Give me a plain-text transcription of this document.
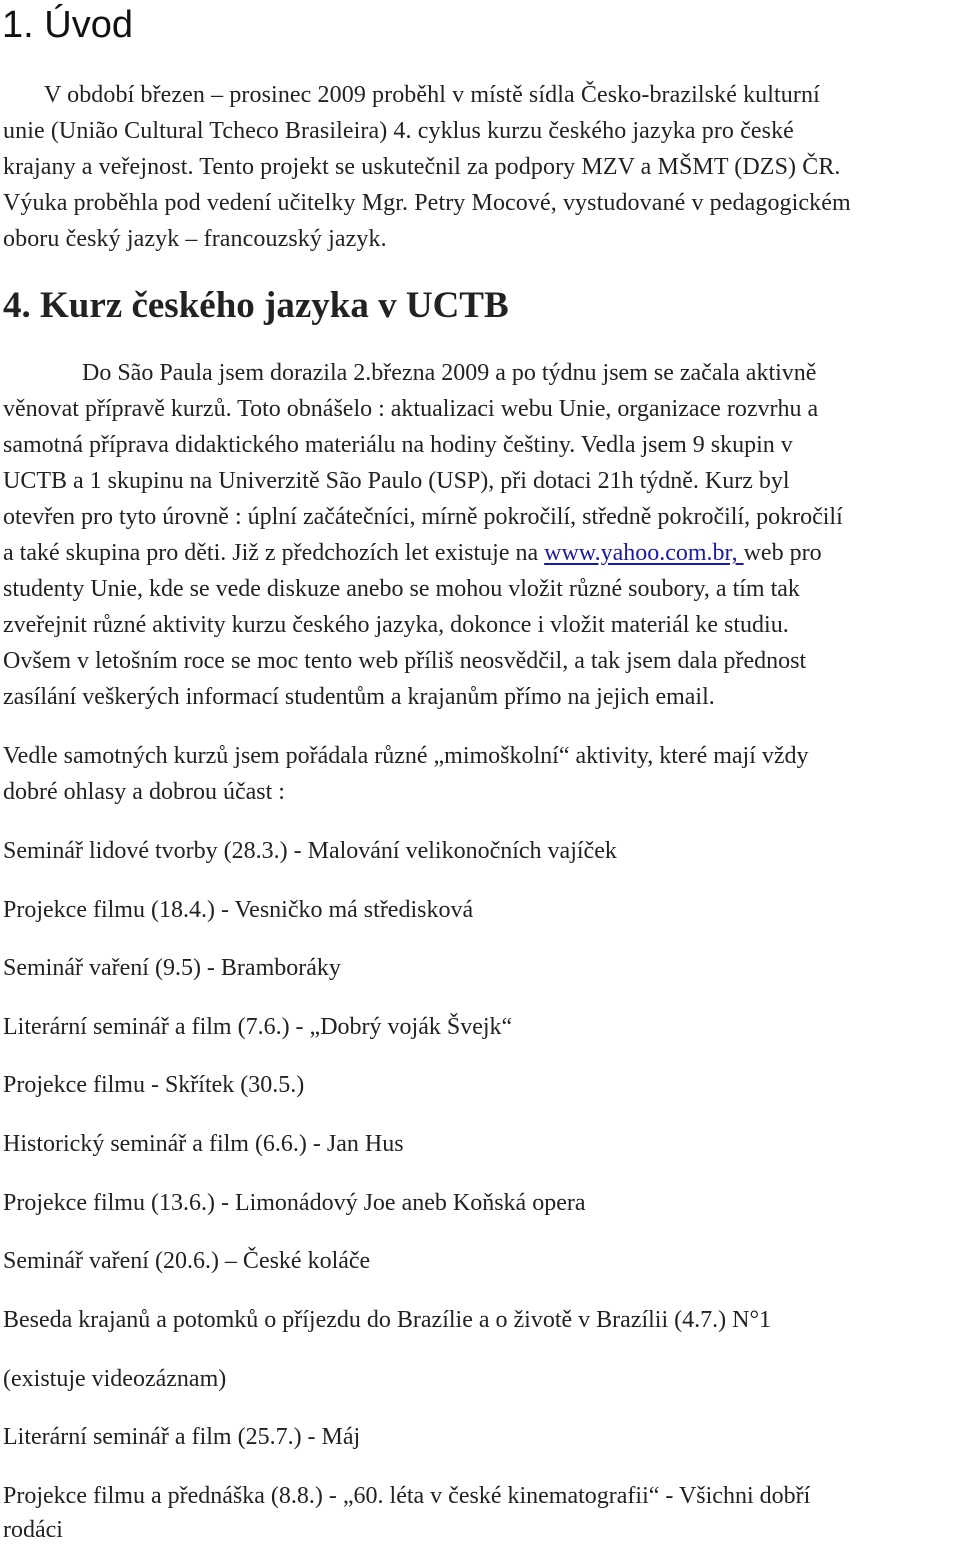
1. Úvod
V období březen – prosinec 2009 proběhl v místě sídla Česko-brazilské kulturní
unie (União Cultural Tcheco Brasileira) 4. cyklus kurzu českého jazyka pro české
krajany a veřejnost. Tento projekt se uskutečnil za podpory MZV a MŠMT (DZS) ČR.
Výuka proběhla pod vedení učitelky Mgr. Petry Mocové, vystudované v pedagogickém
oboru český jazyk – francouzský jazyk.
4. Kurz českého jazyka v UCTB
Do São Paula jsem dorazila 2.března 2009 a po týdnu jsem se začala aktivně
věnovat přípravě kurzů. Toto obnášelo : aktualizaci webu Unie, organizace rozvrhu a
samotná příprava didaktického materiálu na hodiny češtiny. Vedla jsem 9 skupin v
UCTB a 1 skupinu na Univerzitě São Paulo (USP), při dotaci 21h týdně. Kurz byl
otevřen pro tyto úrovně : úplní začátečníci, mírně pokročilí, středně pokročilí, pokročilí
a také skupina pro děti. Již z předchozích let existuje na www.yahoo.com.br, web pro
studenty Unie, kde se vede diskuze anebo se mohou vložit různé soubory, a tím tak
zveřejnit různé aktivity kurzu českého jazyka, dokonce i vložit materiál ke studiu.
Ovšem v letošním roce se moc tento web příliš neosvědčil, a tak jsem dala přednost
zasílání veškerých informací studentům a krajanům přímo na jejich email.
Vedle samotných kurzů jsem pořádala různé „mimoškolní“ aktivity, které mají vždy
dobré ohlasy a dobrou účast :
Seminář lidové tvorby (28.3.) - Malování velikonočních vajíček
Projekce filmu (18.4.) - Vesničko má středisková
Seminář vaření (9.5) - Bramboráky
Literární seminář a film (7.6.) - „Dobrý voják Švejk“
Projekce filmu - Skřítek (30.5.)
Historický seminář a film (6.6.) - Jan Hus
Projekce filmu (13.6.) - Limonádový Joe aneb Koňská opera
Seminář vaření (20.6.) – České koláče
Beseda krajanů a potomků o příjezdu do Brazílie a o životě v Brazílii (4.7.) N°1
(existuje videozáznam)
Literární seminář a film (25.7.) - Máj
Projekce filmu a přednáška (8.8.) - „60. léta v české kinematografii“ - Všichni dobří
rodáci
